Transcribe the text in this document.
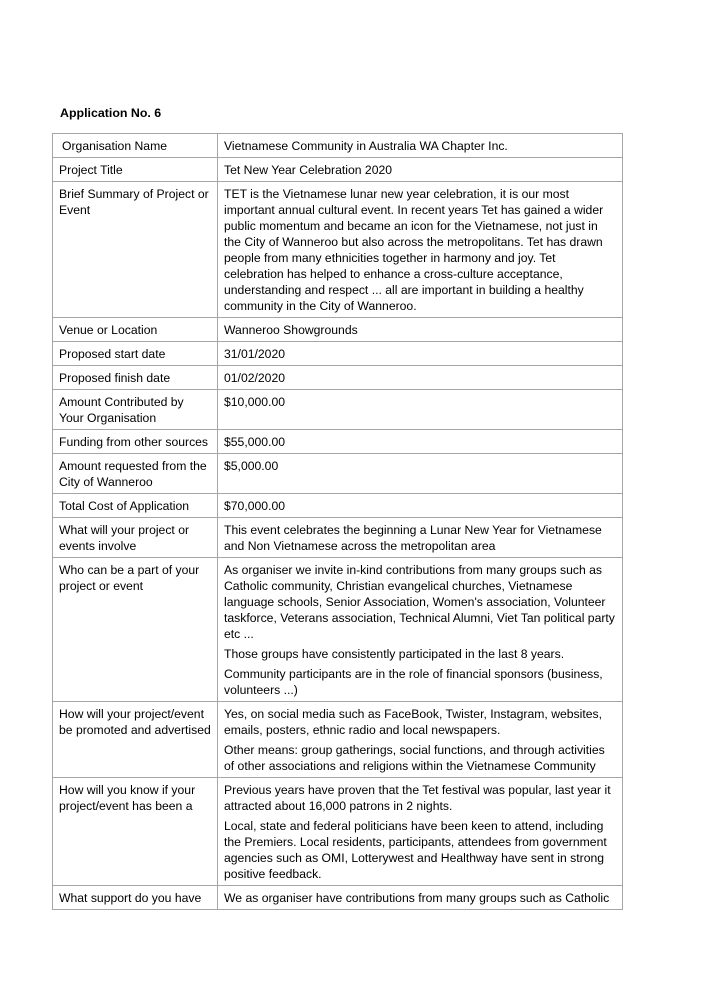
Application No. 6
Organisation Name	Vietnamese Community in Australia WA Chapter Inc.

Project Title	Tet New Year Celebration 2020

Brief Summary of Project or Event	TET is the Vietnamese lunar new year celebration, it is our most important annual cultural event. In recent years Tet has gained a wider public momentum and became an icon for the Vietnamese, not just in the City of Wanneroo but also across the metropolitans. Tet has drawn people from many ethnicities together in harmony and joy. Tet celebration has helped to enhance a cross-culture acceptance, understanding and respect ... all are important in building a healthy community in the City of Wanneroo.

Venue or Location	Wanneroo Showgrounds

Proposed start date	31/01/2020

Proposed finish date	01/02/2020

Amount Contributed by Your Organisation	$10,000.00

Funding from other sources	$55,000.00

Amount requested from the City of Wanneroo	$5,000.00

Total Cost of Application	$70,000.00

What will your project or events involve	This event celebrates the beginning a Lunar New Year for Vietnamese and Non Vietnamese across the metropolitan area

Who can be a part of your project or event	As organiser we invite in-kind contributions from many groups such as Catholic community, Christian evangelical churches, Vietnamese language schools, Senior Association, Women's association, Volunteer taskforce, Veterans association, Technical Alumni, Viet Tan political party etc ...

Those groups have consistently participated in the last 8 years.

Community participants are in the role of financial sponsors (business, volunteers ...)

How will your project/event be promoted and advertised	Yes, on social media such as FaceBook, Twister, Instagram, websites, emails, posters, ethnic radio and local newspapers.

Other means: group gatherings, social functions, and through activities of other associations and religions within the Vietnamese Community

How will you know if your project/event has been a	Previous years have proven that the Tet festival was popular, last year it attracted about 16,000 patrons in 2 nights.

Local, state and federal politicians have been keen to attend, including the Premiers. Local residents, participants, attendees from government agencies such as OMI, Lotterywest and Healthway have sent in strong positive feedback.

What support do you have	We as organiser have contributions from many groups such as Catholic
